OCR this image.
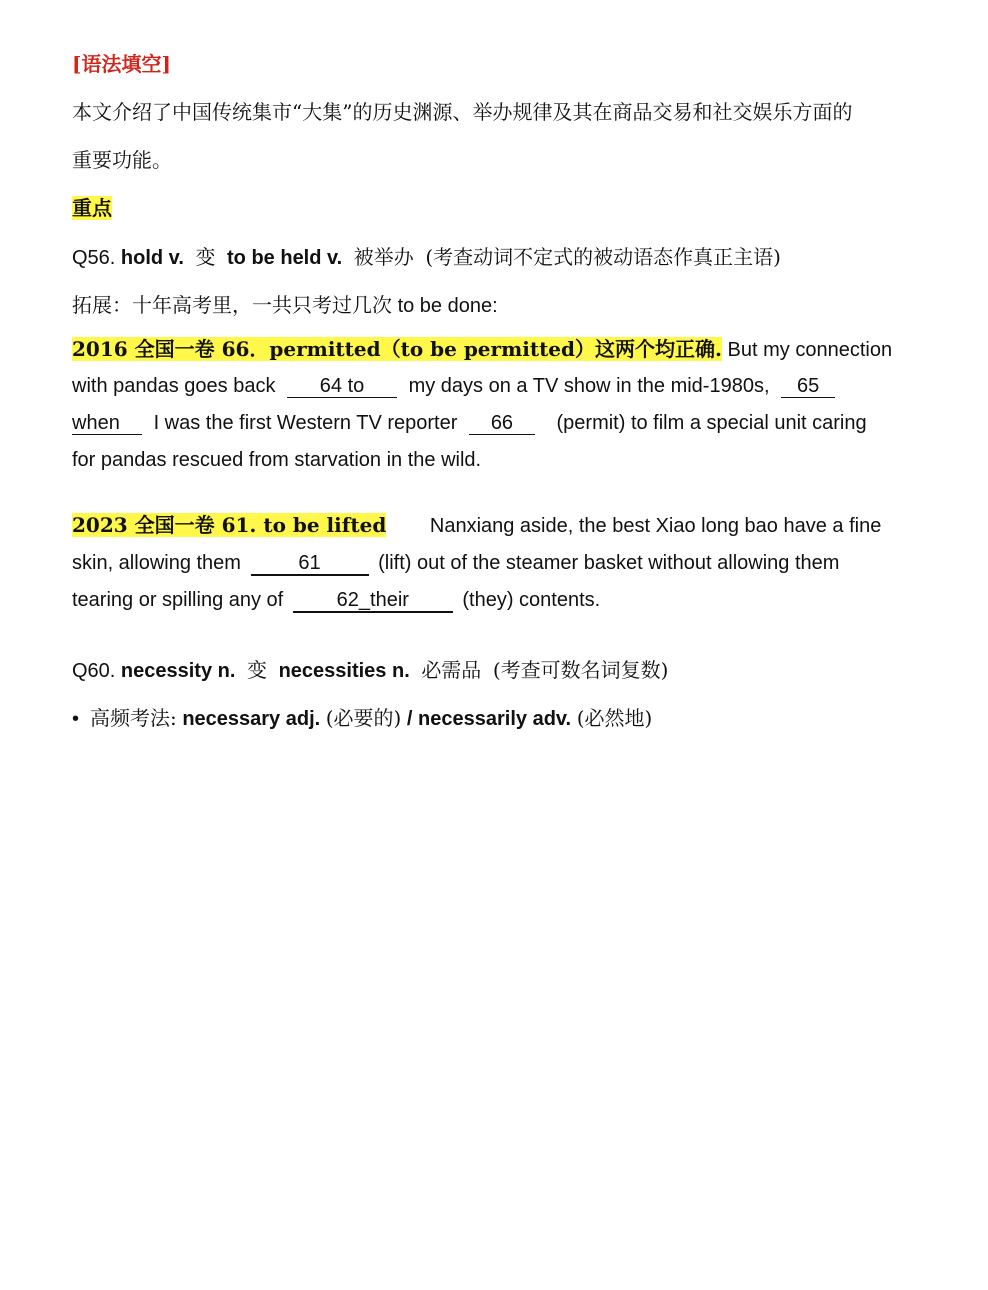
[语法填空]
本文介绍了中国传统集市“大集”的历史渊源、举办规律及其在商品交易和社交娱乐方面的
重要功能。
重点
Q56. hold v. 变 to be held v. 被举办 (考查动词不定式的被动语态作真正主语)
拓展：十年高考里，一共只考过几次 to be done:
2016 全国一卷 66．permitted（to be permitted）这两个均正确. But my connection
with pandas goes back 64 to my days on a TV show in the mid-1980s, 65
when I was the first Western TV reporter 66 (permit) to film a special unit caring
for pandas rescued from starvation in the wild.
2023 全国一卷 61. to be lifted Nanxiang aside, the best Xiao long bao have a fine
skin, allowing them	61	(lift) out of the steamer basket without allowing them
tearing or spilling any of	62_their	(they) contents.
Q60. necessity n. 变 necessities n. 必需品 (考查可数名词复数)
• 高频考法: necessary adj. (必要的) / necessarily adv. (必然地)
